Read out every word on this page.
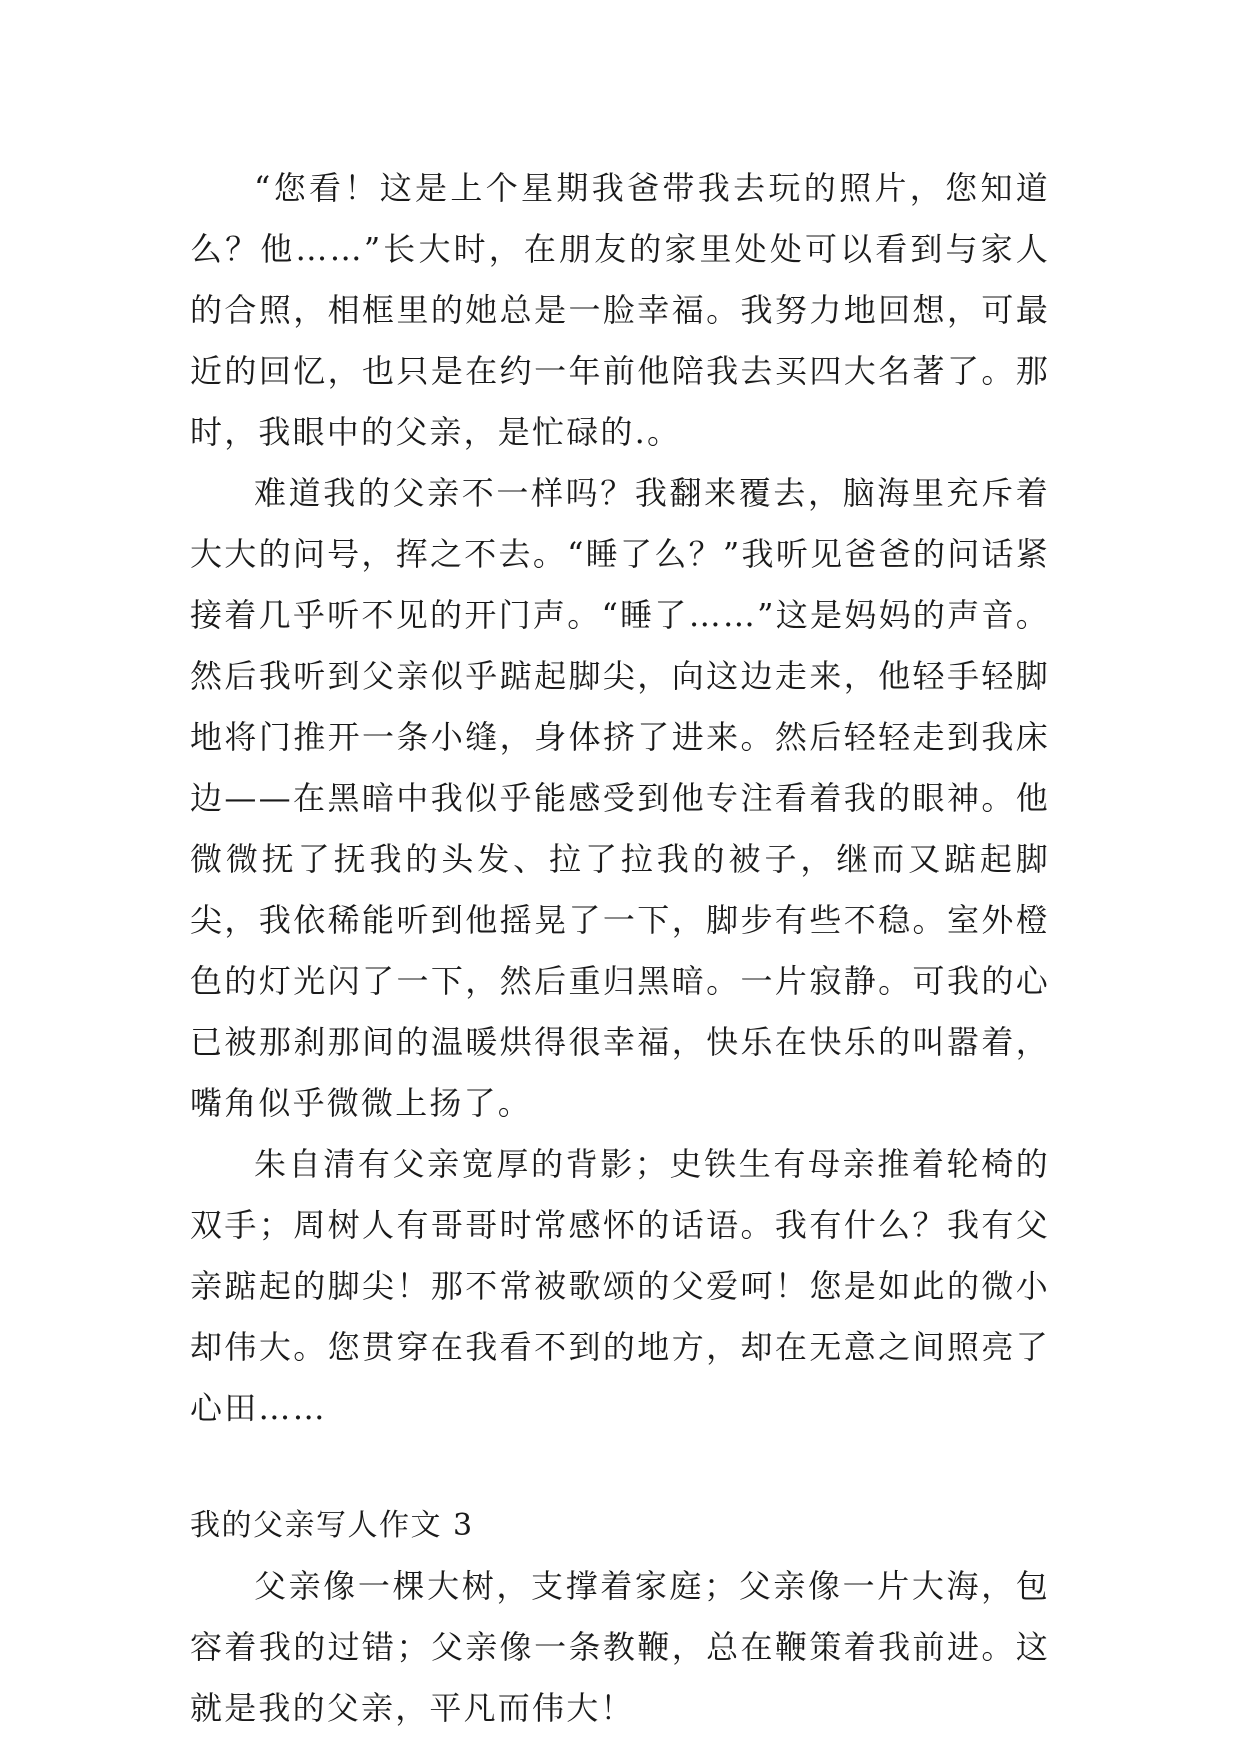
“您看！这是上个星期我爸带我去玩的照片，您知道么？他……”长大时，在朋友的家里处处可以看到与家人的合照，相框里的她总是一脸幸福。我努力地回想，可最近的回忆，也只是在约一年前他陪我去买四大名著了。那时，我眼中的父亲，是忙碌的.。

难道我的父亲不一样吗？我翻来覆去，脑海里充斥着大大的问号，挥之不去。“睡了么？”我听见爸爸的问话紧接着几乎听不见的开门声。“睡了……”这是妈妈的声音。然后我听到父亲似乎踮起脚尖，向这边走来，他轻手轻脚地将门推开一条小缝，身体挤了进来。然后轻轻走到我床边——在黑暗中我似乎能感受到他专注看着我的眼神。他微微抚了抚我的头发、拉了拉我的被子，继而又踮起脚尖，我依稀能听到他摇晃了一下，脚步有些不稳。室外橙色的灯光闪了一下，然后重归黑暗。一片寂静。可我的心已被那刹那间的温暖烘得很幸福，快乐在快乐的叫嚣着，嘴角似乎微微上扬了。

朱自清有父亲宽厚的背影；史铁生有母亲推着轮椅的双手；周树人有哥哥时常感怀的话语。我有什么？我有父亲踮起的脚尖！那不常被歌颂的父爱呵！您是如此的微小却伟大。您贯穿在我看不到的地方，却在无意之间照亮了心田……

我的父亲写人作文 3

父亲像一棵大树，支撑着家庭；父亲像一片大海，包容着我的过错；父亲像一条教鞭，总在鞭策着我前进。这就是我的父亲，平凡而伟大！
